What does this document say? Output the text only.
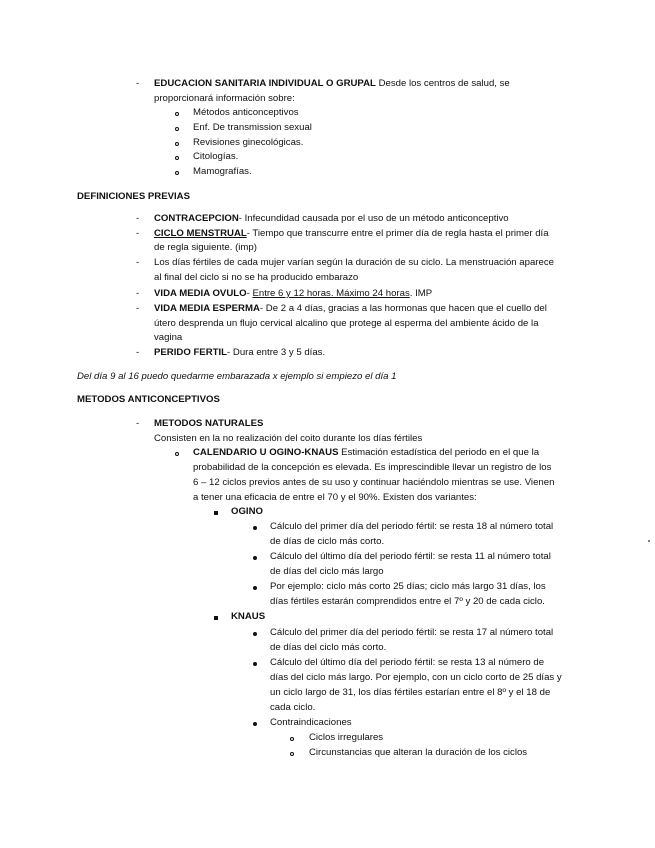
- EDUCACION SANITARIA INDIVIDUAL O GRUPAL Desde los centros de salud, se
proporcionará información sobre:
Métodos anticonceptivos
Enf. De transmission sexual
Revisiones ginecológicas.
Citologías.
Mamografías.
DEFINICIONES PREVIAS
- CONTRACEPCION- Infecundidad causada por el uso de un método anticonceptivo
- CICLO MENSTRUAL- Tiempo que transcurre entre el primer día de regla hasta el primer día
de regla siguiente. (imp)
- Los días fértiles de cada mujer varían según la duración de su ciclo. La menstruación aparece
al final del ciclo si no se ha producido embarazo
- VIDA MEDIA OVULO- Entre 6 y 12 horas. Máximo 24 horas. IMP
- VIDA MEDIA ESPERMA- De 2 a 4 días, gracias a las hormonas que hacen que el cuello del
útero desprenda un flujo cervical alcalino que protege al esperma del ambiente ácido de la
vagina
- PERIDO FERTIL- Dura entre 3 y 5 días.
Del día 9 al 16 puedo quedarme embarazada x ejemplo si empiezo el día 1
METODOS ANTICONCEPTIVOS
- METODOS NATURALES
Consisten en la no realización del coito durante los días fértiles
CALENDARIO U OGINO-KNAUS Estimación estadística del periodo en el que la
probabilidad de la concepción es elevada. Es imprescindible llevar un registro de los
6 – 12 ciclos previos antes de su uso y continuar haciéndolo mientras se use. Vienen
a tener una eficacia de entre el 70 y el 90%. Existen dos variantes:
OGINO
Cálculo del primer día del periodo fértil: se resta 18 al número total
de días de ciclo más corto.
Cálculo del último día del periodo fértil: se resta 11 al número total
de días del ciclo más largo
Por ejemplo: ciclo más corto 25 días; ciclo más largo 31 días, los
días fértiles estarán comprendidos entre el 7º y 20 de cada ciclo.
KNAUS
Cálculo del primer día del periodo fértil: se resta 17 al número total
de días del ciclo más corto.
Cálculo del último día del periodo fértil: se resta 13 al número de
días del ciclo más largo. Por ejemplo, con un ciclo corto de 25 días y
un ciclo largo de 31, los días fértiles estarían entre el 8º y el 18 de
cada ciclo.
Contraindicaciones
Ciclos irregulares
Circunstancias que alteran la duración de los ciclos
